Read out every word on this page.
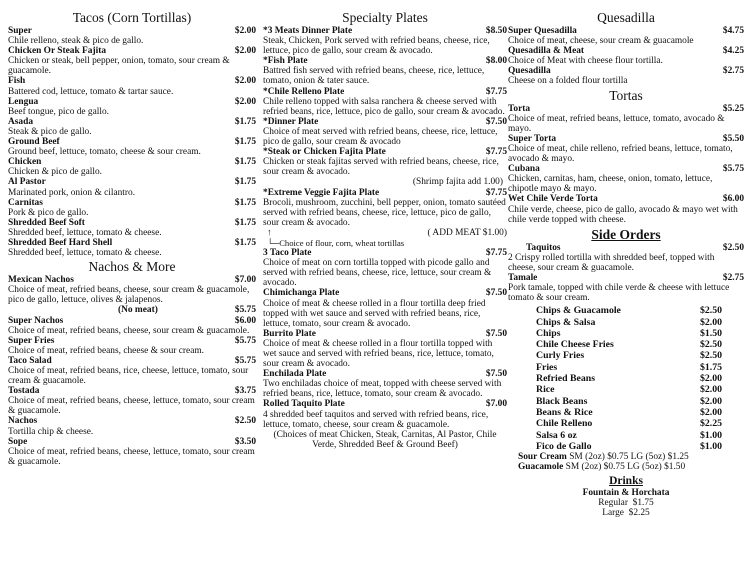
Tacos (Corn Tortillas)
Super	$2.00
Chile relleno, steak & pico de gallo.
Chicken Or Steak Fajita	$2.00
Chicken or steak, bell pepper, onion, tomato, sour cream & guacamole.
Fish	$2.00
Battered cod, lettuce, tomato & tartar sauce.
Lengua	$2.00
Beef tongue, pico de gallo.
Asada	$1.75
Steak & pico de gallo.
Ground Beef	$1.75
Ground beef, lettuce, tomato, cheese & sour cream.
Chicken	$1.75
Chicken & pico de gallo.
Al Pastor	$1.75
Marinated pork, onion & cilantro.
Carnitas	$1.75
Pork & pico de gallo.
Shredded Beef Soft	$1.75
Shredded beef, lettuce, tomato & cheese.
Shredded Beef Hard Shell	$1.75
Shredded beef, lettuce, tomato & cheese.
Nachos & More
Mexican Nachos	$7.00
Choice of meat, refried beans, cheese, sour cream & guacamole, pico de gallo, lettuce, olives & jalapenos.
(No meat)	$5.75
Super Nachos	$6.00
Choice of meat, refried beans, cheese, sour cream & guacamole.
Super Fries	$5.75
Choice of meat, refried beans, cheese & sour cream.
Taco Salad	$5.75
Choice of meat, refried beans, rice, cheese, lettuce, tomato, sour cream & guacamole.
Tostada	$3.75
Choice of meat, refried beans, cheese, lettuce, tomato, sour cream & guacamole.
Nachos	$2.50
Tortilla chip & cheese.
Sope	$3.50
Choice of meat, refried beans, cheese, lettuce, tomato, sour cream & guacamole.
Specialty Plates
*3 Meats Dinner Plate	$8.50
Steak, Chicken, Pork served with refried beans, cheese, rice, lettuce, pico de gallo, sour cream & avocado.
*Fish Plate	$8.00
Battred fish served with refried beans, cheese, rice, lettuce, tomato, onion & tater sauce.
*Chile Relleno Plate	$7.75
Chile relleno topped with salsa ranchera & cheese served with refried beans, rice, lettuce, pico de gallo, sour cream & avocado.
*Dinner Plate	$7.50
Choice of meat served with refried beans, cheese, rice, lettuce, pico de gallo, sour cream & avocado
*Steak or Chicken Fajita Plate	$7.75
Chicken or steak fajitas served with refried beans, cheese, rice, sour cream & avocado.
(Shrimp fajita add 1.00)
*Extreme Veggie Fajita Plate	$7.75
Brocoli, mushroom, zucchini, bell pepper, onion, tomato sautéed served with refried beans, cheese, rice, lettuce, pico de gallo, sour cream & avocado.
↑	( ADD MEAT $1.00)
└─Choice of flour, corn, wheat tortillas
3 Taco Plate	$7.75
Choice of meat on corn tortilla topped with picode gallo and served with refried beans, cheese, rice, lettuce, sour cream & avocado.
Chimichanga Plate	$7.50
Choice of meat & cheese rolled in a flour tortilla deep fried topped with wet sauce and served with refried beans, rice, lettuce, tomato, sour cream & avocado.
Burrito Plate	$7.50
Choice of meat & cheese rolled in a flour tortilla topped with wet sauce and served with refried beans, rice, lettuce, tomato, sour cream & avocado.
Enchilada Plate	$7.50
Two enchiladas choice of meat, topped with cheese served with refried beans, rice, lettuce, tomato, sour cream & avocado.
Rolled Taquito Plate	$7.00
4 shredded beef taquitos and served with refried beans, rice, lettuce, tomato, cheese, sour cream & guacamole.
(Choices of meat Chicken, Steak, Carnitas, Al Pastor, Chile Verde, Shredded Beef & Ground Beef)
Quesadilla
Super Quesadilla	$4.75
Choice of meat, cheese, sour cream & guacamole
Quesadilla & Meat	$4.25
Choice of Meat with cheese flour tortilla.
Quesadilla	$2.75
Cheese on a folded flour tortilla
Tortas
Torta	$5.25
Choice of meat, refried beans, lettuce, tomato, avocado & mayo.
Super Torta	$5.50
Choice of meat, chile relleno, refried beans, lettuce, tomato, avocado & mayo.
Cubana	$5.75
Chicken, carnitas, ham, cheese, onion, tomato, lettuce, chipotle mayo & mayo.
Wet Chile Verde Torta	$6.00
Chile verde, cheese, pico de gallo, avocado & mayo wet with chile verde topped with cheese.
Side Orders
Taquitos	$2.50
2 Crispy rolled tortilla with shredded beef, topped with cheese, sour cream & guacamole.
Tamale	$2.75
Pork tamale, topped with chile verde & cheese with lettuce tomato & sour cream.
Chips & Guacamole	$2.50
Chips & Salsa	$2.00
Chips	$1.50
Chile Cheese Fries	$2.50
Curly Fries	$2.50
Fries	$1.75
Refried Beans	$2.00
Rice	$2.00
Black Beans	$2.00
Beans & Rice	$2.00
Chile Relleno	$2.25
Salsa 6 oz	$1.00
Fico de Gallo	$1.00
Sour Cream
SM (2oz) $0.75 LG (5oz) $1.25
Guacamole
SM (2oz) $0.75 LG (5oz) $1.50
Drinks
Fountain & Horchata
Regular $1.75
Large $2.25
